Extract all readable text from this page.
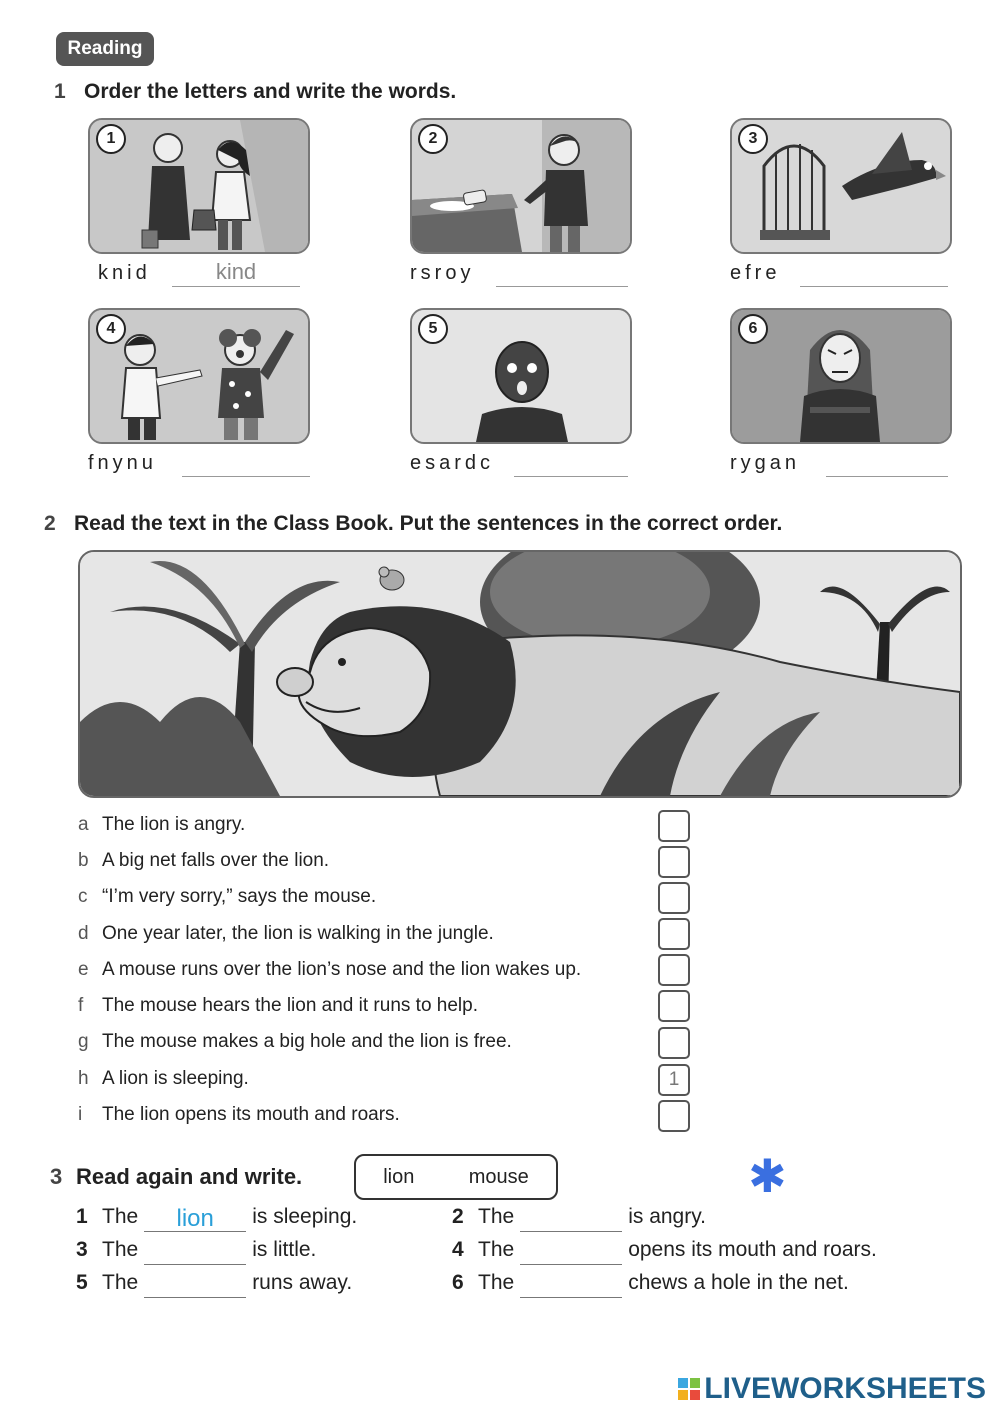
Reading
1 Order the letters and write the words.
1
knid	kind
2
rsroy
3
efre
4
fnynu
5
esardc
6
rygan
2 Read the text in the Class Book. Put the sentences in the correct order.
a The lion is angry.
b A big net falls over the lion.
c “I’m very sorry,” says the mouse.
d One year later, the lion is walking in the jungle.
e A mouse runs over the lion’s nose and the lion wakes up.
f The mouse hears the lion and it runs to help.
g The mouse makes a big hole and the lion is free.
h A lion is sleeping.	1
i The lion opens its mouth and roars.
3 Read again and write.	lion	mouse	✱
1 The lion is sleeping.	2 The	is angry.
3 The	is little.	4 The	opens its mouth and roars.
5 The	runs away.	6 The	chews a hole in the net.
LIVEWORKSHEETS
